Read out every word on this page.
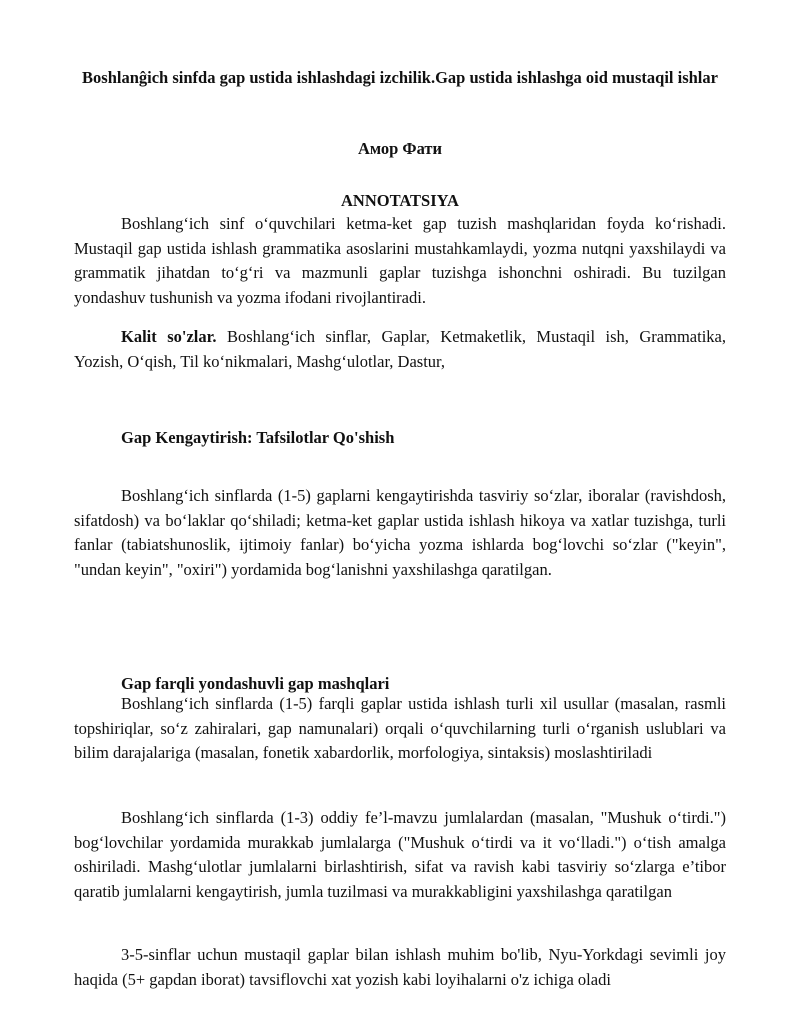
Boshlanĝich sinfda gap ustida ishlashdagi izchilik.Gap ustida ishlashga oid mustaqil ishlar
Амор Фати
ANNOTATSIYA

Boshlang‘ich sinf o‘quvchilari ketma-ket gap tuzish mashqlaridan foyda ko‘rishadi. Mustaqil gap ustida ishlash grammatika asoslarini mustahkamlaydi, yozma nutqni yaxshilaydi va grammatik jihatdan to‘g‘ri va mazmunli gaplar tuzishga ishonchni oshiradi. Bu tuzilgan yondashuv tushunish va yozma ifodani rivojlantiradi.

Kalit so'zlar. Boshlang‘ich sinflar, Gaplar, Ketmaketlik, Mustaqil ish, Grammatika, Yozish, O‘qish, Til ko‘nikmalari, Mashg‘ulotlar, Dastur,

Gap Kengaytirish: Tafsilotlar Qo'shish

Boshlang‘ich sinflarda (1-5) gaplarni kengaytirishda tasviriy so‘zlar, iboralar (ravishdosh, sifatdosh) va bo‘laklar qo‘shiladi; ketma-ket gaplar ustida ishlash hikoya va xatlar tuzishga, turli fanlar (tabiatshunoslik, ijtimoiy fanlar) bo‘yicha yozma ishlarda bog‘lovchi so‘zlar ("keyin", "undan keyin", "oxiri") yordamida bog‘lanishni yaxshilashga qaratilgan.

Gap farqli yondashuvli gap mashqlari

Boshlang‘ich sinflarda (1-5) farqli gaplar ustida ishlash turli xil usullar (masalan, rasmli topshiriqlar, so‘z zahiralari, gap namunalari) orqali o‘quvchilarning turli o‘rganish uslublari va bilim darajalariga (masalan, fonetik xabardorlik, morfologiya, sintaksis) moslashtiriladi

Boshlang‘ich sinflarda (1-3) oddiy fe’l-mavzu jumlalardan (masalan, "Mushuk o‘tirdi.") bog‘lovchilar yordamida murakkab jumlalarga ("Mushuk o‘tirdi va it vo‘lladi.") o‘tish amalga oshiriladi. Mashg‘ulotlar jumlalarni birlashtirish, sifat va ravish kabi tasviriy so‘zlarga e’tibor qaratib jumlalarni kengaytirish, jumla tuzilmasi va murakkabligini yaxshilashga qaratilgan

3-5-sinflar uchun mustaqil gaplar bilan ishlash muhim bo'lib, Nyu-Yorkdagi sevimli joy haqida (5+ gapdan iborat) tavsiflovchi xat yozish kabi loyihalarni o'z ichiga oladi
